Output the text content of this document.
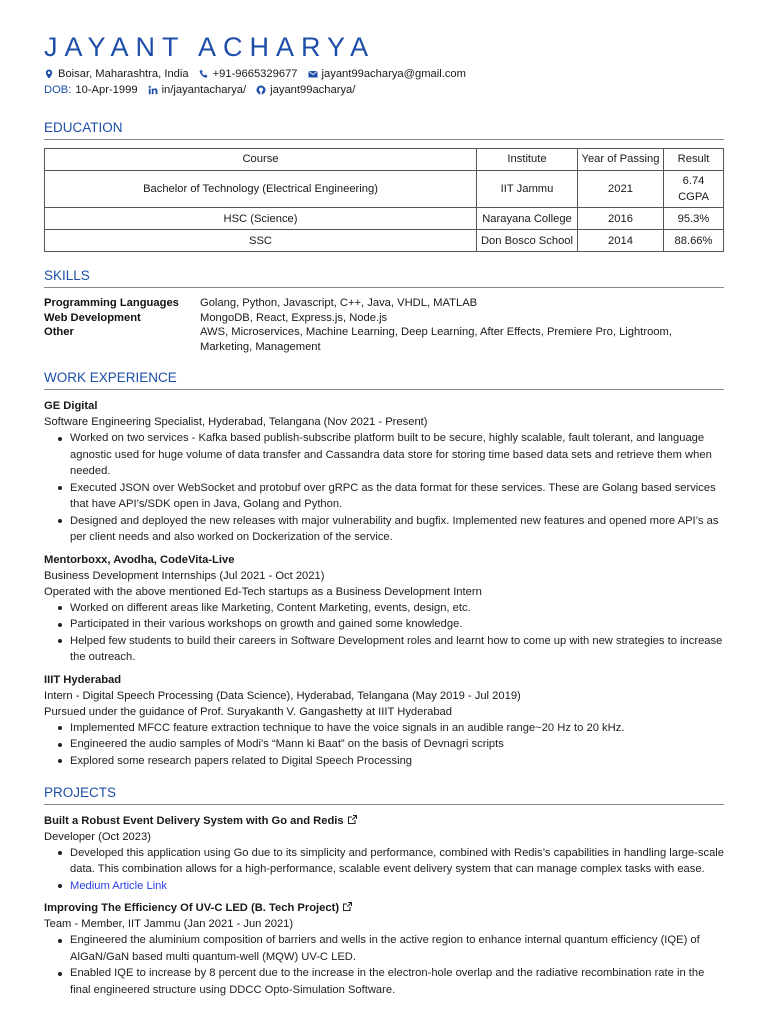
JAYANT ACHARYA
Boisar, Maharashtra, India +91-9665329677 jayant99acharya@gmail.com
DOB: 10-Apr-1999 in/jayantacharya/ jayant99acharya/
EDUCATION
Course	Institute	Year of Passing	Result
Bachelor of Technology (Electrical Engineering)	IIT Jammu	2021	6.74 CGPA
HSC (Science)	Narayana College	2016	95.3%
SSC	Don Bosco School	2014	88.66%
SKILLS
Programming Languages	Golang, Python, Javascript, C++, Java, VHDL, MATLAB
Web Development	MongoDB, React, Express.js, Node.js
Other	AWS, Microservices, Machine Learning, Deep Learning, After Effects, Premiere Pro, Lightroom, Marketing, Management
WORK EXPERIENCE
GE Digital
Software Engineering Specialist, Hyderabad, Telangana (Nov 2021 - Present)
Worked on two services - Kafka based publish-subscribe platform built to be secure, highly scalable, fault tolerant, and language agnostic used for huge volume of data transfer and Cassandra data store for storing time based data sets and retrieve them when needed.
Executed JSON over WebSocket and protobuf over gRPC as the data format for these services. These are Golang based services that have API’s/SDK open in Java, Golang and Python.
Designed and deployed the new releases with major vulnerability and bugfix. Implemented new features and opened more API’s as per client needs and also worked on Dockerization of the service.
Mentorboxx, Avodha, CodeVita-Live
Business Development Internships (Jul 2021 - Oct 2021)
Operated with the above mentioned Ed-Tech startups as a Business Development Intern
Worked on different areas like Marketing, Content Marketing, events, design, etc.
Participated in their various workshops on growth and gained some knowledge.
Helped few students to build their careers in Software Development roles and learnt how to come up with new strategies to increase the outreach.
IIIT Hyderabad
Intern - Digital Speech Processing (Data Science), Hyderabad, Telangana (May 2019 - Jul 2019)
Pursued under the guidance of Prof. Suryakanth V. Gangashetty at IIIT Hyderabad
Implemented MFCC feature extraction technique to have the voice signals in an audible range~20 Hz to 20 kHz.
Engineered the audio samples of Modi’s “Mann ki Baat” on the basis of Devnagri scripts
Explored some research papers related to Digital Speech Processing
PROJECTS
Built a Robust Event Delivery System with Go and Redis
Developer (Oct 2023)
Developed this application using Go due to its simplicity and performance, combined with Redis’s capabilities in handling large-scale data. This combination allows for a high-performance, scalable event delivery system that can manage complex tasks with ease.
Medium Article Link
Improving The Efficiency Of UV-C LED (B. Tech Project)
Team - Member, IIT Jammu (Jan 2021 - Jun 2021)
Engineered the aluminium composition of barriers and wells in the active region to enhance internal quantum efficiency (IQE) of AlGaN/GaN based multi quantum-well (MQW) UV-C LED.
Enabled IQE to increase by 8 percent due to the increase in the electron-hole overlap and the radiative recombination rate in the final engineered structure using DDCC Opto-Simulation Software.
